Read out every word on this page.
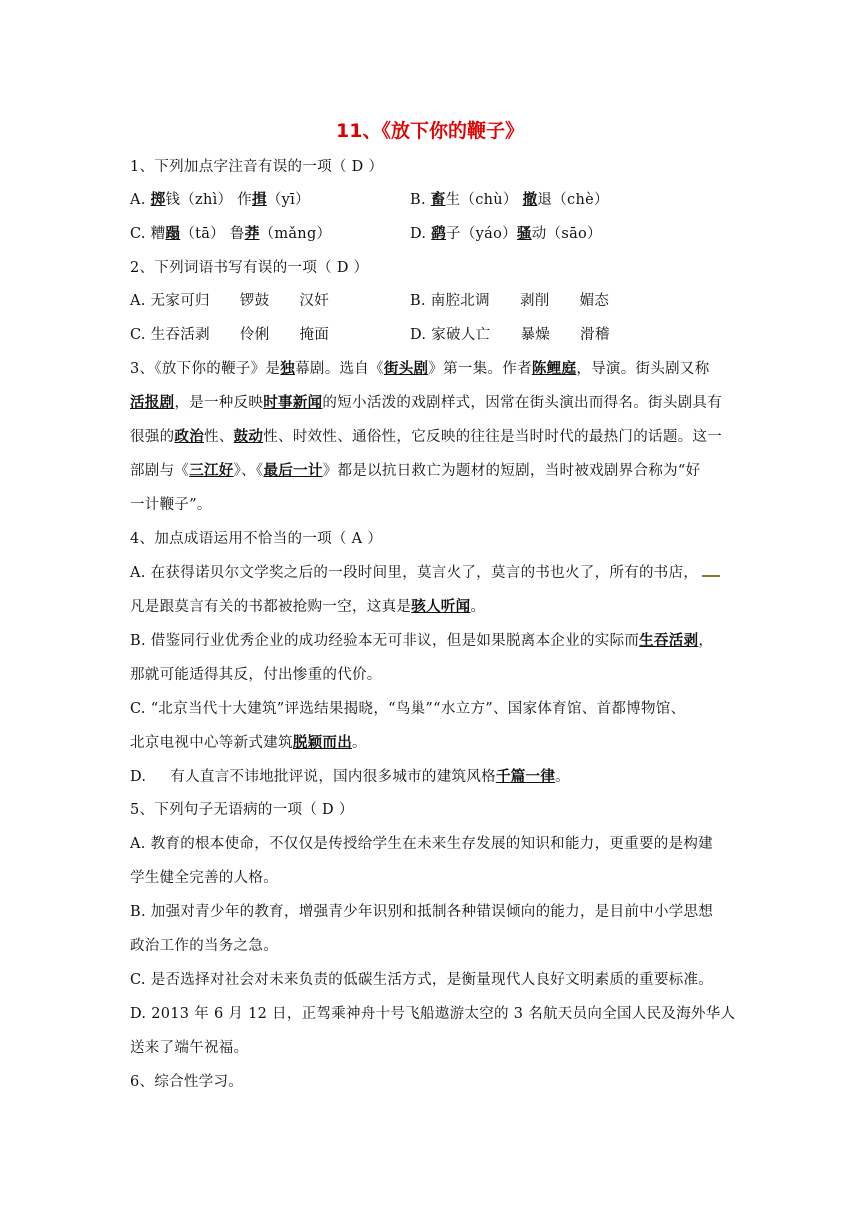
11、《放下你的鞭子》
1、下列加点字注音有误的一项（ D ）
A. 掷钱（zhì） 作揖（yī）	B. 畜生（chù） 撤退（chè）
C. 糟蹋（tā） 鲁莽（mǎng）	D. 鹞子（yáo）骚动（sāo）
2、下列词语书写有误的一项（ D ）
A. 无家可归 锣鼓 汉奸	B. 南腔北调 剥削 媚态
C. 生吞活剥 伶俐 掩面	D. 家破人亡 暴燥 滑稽
3、《放下你的鞭子》是独幕剧。选自《街头剧》第一集。作者陈鲤庭，导演。街头剧又称
活报剧，是一种反映时事新闻的短小活泼的戏剧样式，因常在街头演出而得名。街头剧具有
很强的政治性、鼓动性、时效性、通俗性，它反映的往往是当时时代的最热门的话题。这一
部剧与《三江好》、《最后一计》都是以抗日救亡为题材的短剧，当时被戏剧界合称为“好
一计鞭子”。
4、加点成语运用不恰当的一项（ A ）
A. 在获得诺贝尔文学奖之后的一段时间里，莫言火了，莫言的书也火了，所有的书店，
凡是跟莫言有关的书都被抢购一空，这真是骇人听闻。
B. 借鉴同行业优秀企业的成功经验本无可非议，但是如果脱离本企业的实际而生吞活剥，
那就可能适得其反，付出惨重的代价。
C. “北京当代十大建筑”评选结果揭晓，“鸟巢”“水立方”、国家体育馆、首都博物馆、
北京电视中心等新式建筑脱颖而出。
D. 有人直言不讳地批评说，国内很多城市的建筑风格千篇一律。
5、下列句子无语病的一项（ D ）
A. 教育的根本使命，不仅仅是传授给学生在未来生存发展的知识和能力，更重要的是构建
学生健全完善的人格。
B. 加强对青少年的教育，增强青少年识别和抵制各种错误倾向的能力，是目前中小学思想
政治工作的当务之急。
C. 是否选择对社会对未来负责的低碳生活方式，是衡量现代人良好文明素质的重要标准。
D. 2013 年 6 月 12 日，正驾乘神舟十号飞船遨游太空的 3 名航天员向全国人民及海外华人
送来了端午祝福。
6、综合性学习。
